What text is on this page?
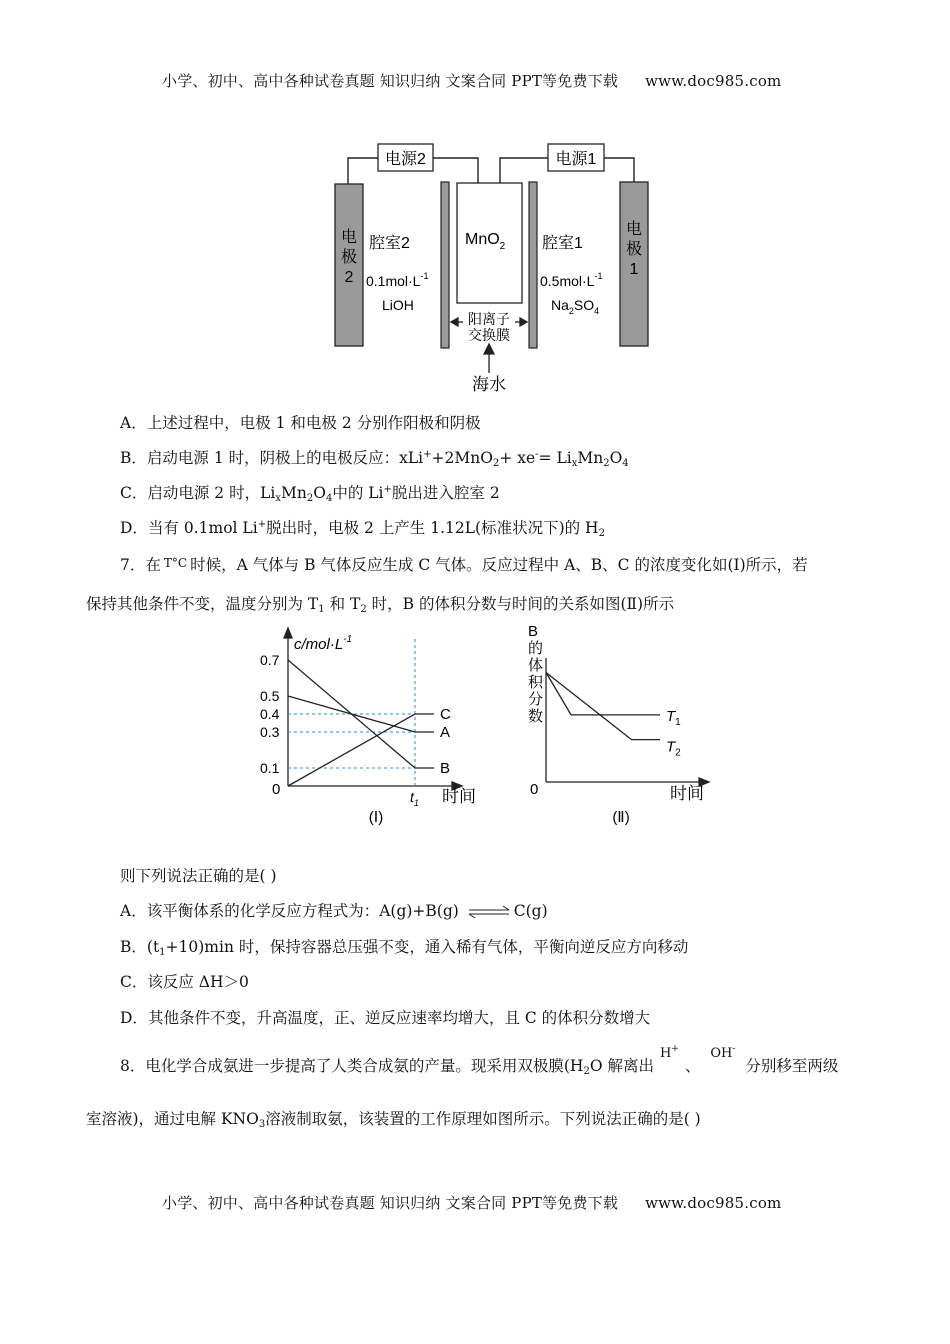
小学、初中、高中各种试卷真题 知识归纳 文案合同 PPT等免费下载 www.doc985.com
电源2	电源1
电
极
2
电
极
1
MnO$_2$
腔室2
$0.1mol\cdot L^{-1}$
LiOH
腔室1
$0.5mol\cdot L^{-1}$
$Na_2SO_4$
阳离子
交换膜
海水
A．上述过程中，电极 1 和电极 2 分别作阳极和阴极
B．启动电源 1 时，阴极上的电极反应：xLi++2MnO2+ xe-= LixMn2O4
C．启动电源 2 时，LixMn2O4中的 Li+脱出进入腔室 2
D．当有 0.1mol Li+脱出时，电极 2 上产生 1.12L(标准状况下)的 H2
7．在 T°C 时候，A 气体与 B 气体反应生成 C 气体。反应过程中 A、B、C 的浓度变化如(Ⅰ)所示，若
保持其他条件不变，温度分别为 T1 和 T2 时，B 的体积分数与时间的关系如图(Ⅱ)所示
$c/mol\cdot L^{-1}$
0	时间
$t_1$
0.7
0.5
0.4
0.3
0.1
A
B
C
(Ⅰ)
B
的
体
积
分
数
0	时间
$T_1$
$T_2$
(Ⅱ)
则下列说法正确的是( )
A．该平衡体系的化学反应方程式为：A(g)+B(g) ⇌ C(g)
B．(t1+10)min 时，保持容器总压强不变，通入稀有气体，平衡向逆反应方向移动
C．该反应 ΔH＞0
D．其他条件不变，升高温度，正、逆反应速率均增大，且 C 的体积分数增大
8．电化学合成氨进一步提高了人类合成氨的产量。现采用双极膜(H2O 解离出H+、OH-分别移至两级
室溶液)，通过电解 KNO3溶液制取氨，该装置的工作原理如图所示。下列说法正确的是( )
小学、初中、高中各种试卷真题 知识归纳 文案合同 PPT等免费下载 www.doc985.com
